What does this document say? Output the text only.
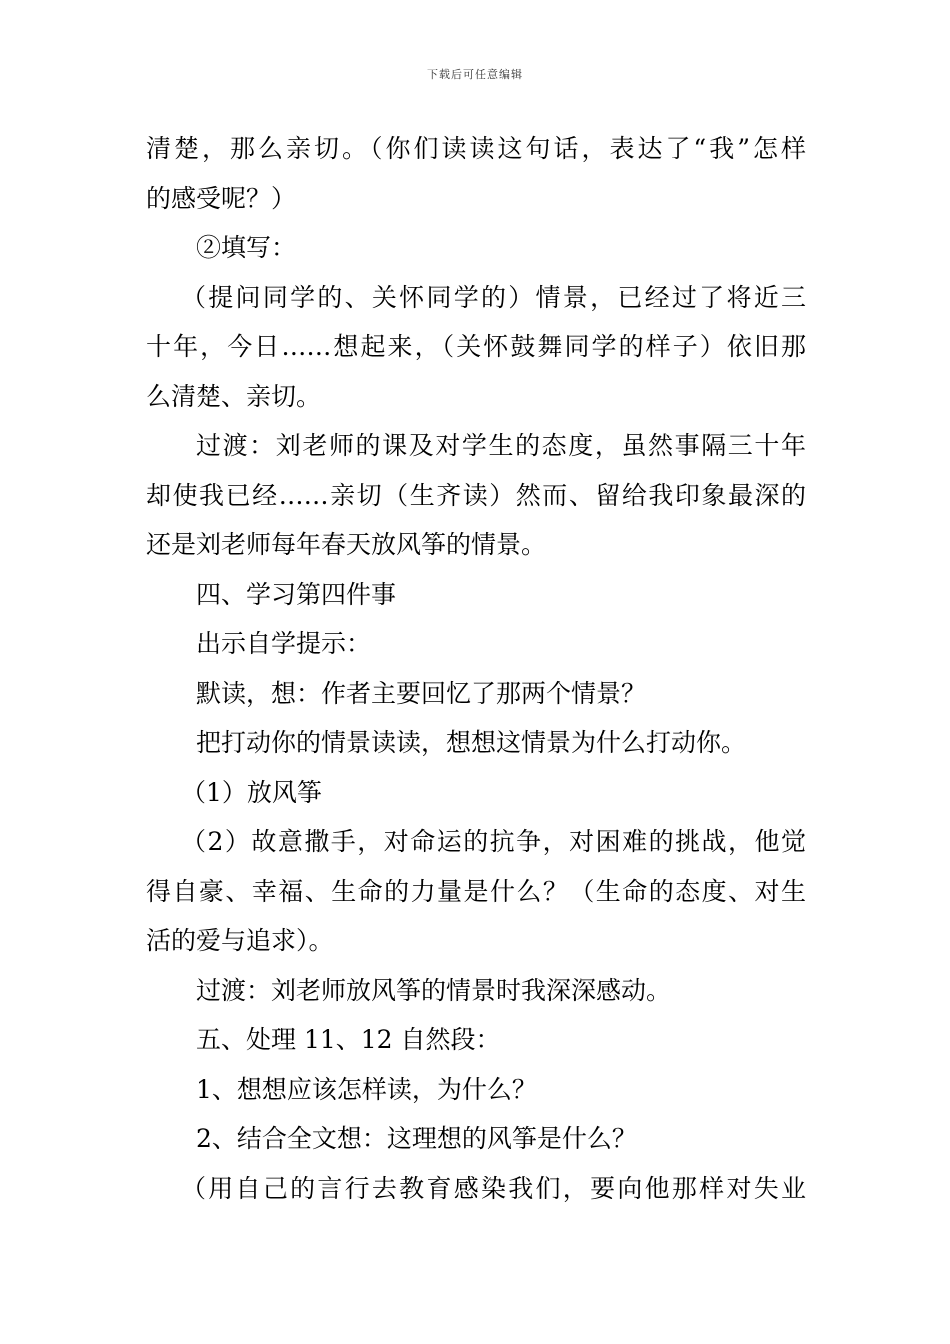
下载后可任意编辑
清楚，那么亲切。（你们读读这句话，表达了“我”怎样
的感受呢？）
②填写：
（提问同学的、关怀同学的）情景，已经过了将近三
十年，今日……想起来，（关怀鼓舞同学的样子）依旧那
么清楚、亲切。
过渡：刘老师的课及对学生的态度，虽然事隔三十年
却使我已经……亲切（生齐读）然而、留给我印象最深的
还是刘老师每年春天放风筝的情景。
四、学习第四件事
出示自学提示：
默读，想：作者主要回忆了那两个情景？
把打动你的情景读读，想想这情景为什么打动你。
（1）放风筝
（2）故意撒手，对命运的抗争，对困难的挑战，他觉
得自豪、幸福、生命的力量是什么？（生命的态度、对生
活的爱与追求）。
过渡：刘老师放风筝的情景时我深深感动。
五、处理 11、12 自然段：
1、想想应该怎样读，为什么？
2、结合全文想：这理想的风筝是什么？
（用自己的言行去教育感染我们，要向他那样对失业
